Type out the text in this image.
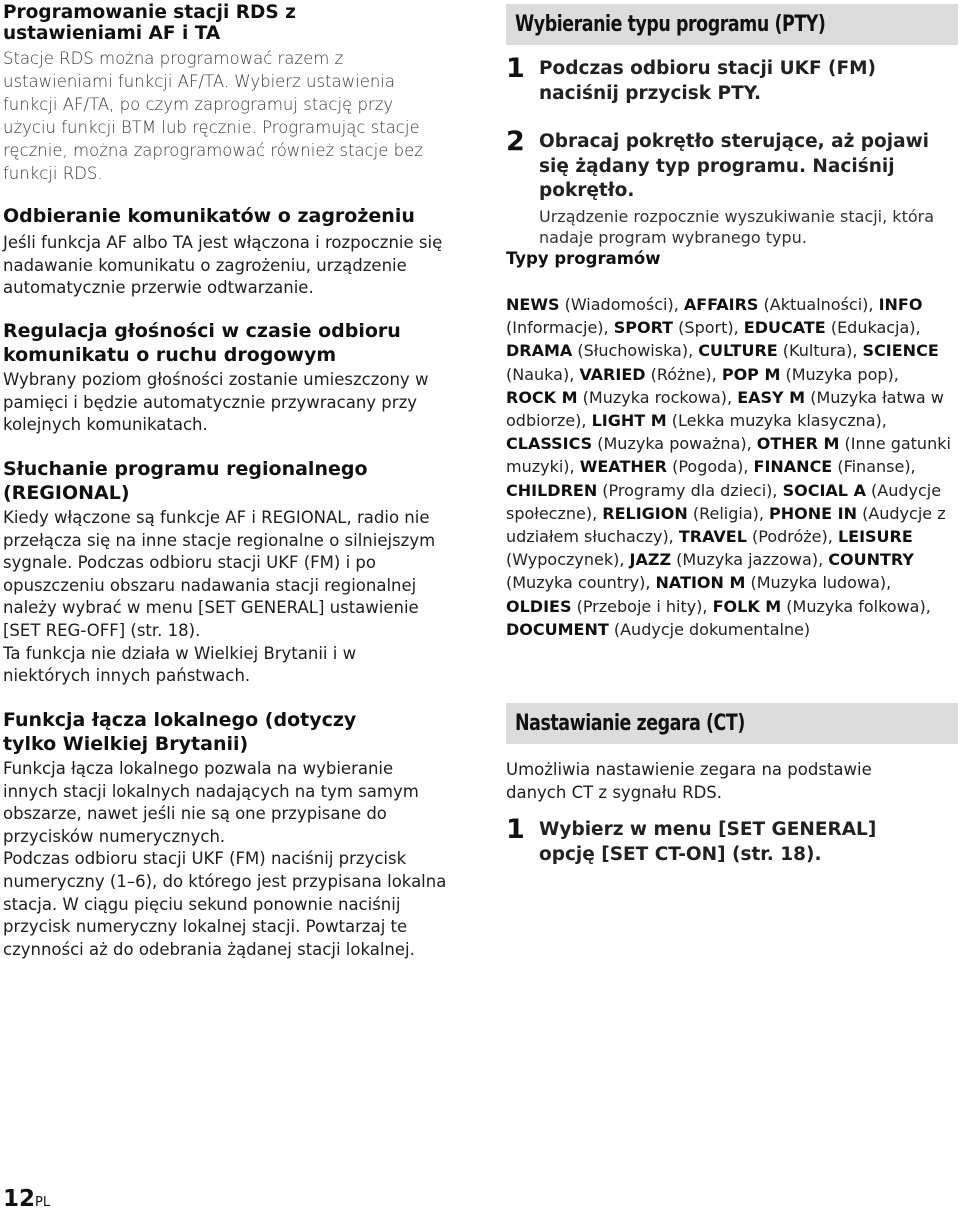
Programowanie stacji RDS z ustawieniami AF i TA

Stacje RDS można programować razem z ustawieniami funkcji AF/TA. Wybierz ustawienia funkcji AF/TA, po czym zaprogramuj stację przy użyciu funkcji BTM lub ręcznie. Programując stacje ręcznie, można zaprogramować również stacje bez funkcji RDS.

Odbieranie komunikatów o zagrożeniu

Jeśli funkcja AF albo TA jest włączona i rozpocznie się nadawanie komunikatu o zagrożeniu, urządzenie automatycznie przerwie odtwarzanie.

Regulacja głośności w czasie odbioru komunikatu o ruchu drogowym

Wybrany poziom głośności zostanie umieszczony w pamięci i będzie automatycznie przywracany przy kolejnych komunikatach.

Słuchanie programu regionalnego (REGIONAL)

Kiedy włączone są funkcje AF i REGIONAL, radio nie przełącza się na inne stacje regionalne o silniejszym sygnale. Podczas odbioru stacji UKF (FM) i po opuszczeniu obszaru nadawania stacji regionalnej należy wybrać w menu [SET GENERAL] ustawienie [SET REG-OFF] (str. 18).

Ta funkcja nie działa w Wielkiej Brytanii i w niektórych innych państwach.

Funkcja łącza lokalnego (dotyczy tylko Wielkiej Brytanii)

Funkcja łącza lokalnego pozwala na wybieranie innych stacji lokalnych nadających na tym samym obszarze, nawet jeśli nie są one przypisane do przycisków numerycznych.

Podczas odbioru stacji UKF (FM) naciśnij przycisk numeryczny (1–6), do którego jest przypisana lokalna stacja. W ciągu pięciu sekund ponownie naciśnij przycisk numeryczny lokalnej stacji. Powtarzaj te czynności aż do odebrania żądanej stacji lokalnej.

Wybieranie typu programu (PTY)
1 Podczas odbioru stacji UKF (FM) naciśnij przycisk PTY.
2 Obracaj pokrętło sterujące, aż pojawi się żądany typ programu. Naciśnij pokrętło.
Urządzenie rozpocznie wyszukiwanie stacji, która nadaje program wybranego typu.
Typy programów

NEWS (Wiadomości), AFFAIRS (Aktualności), INFO (Informacje), SPORT (Sport), EDUCATE (Edukacja), DRAMA (Słuchowiska), CULTURE (Kultura), SCIENCE (Nauka), VARIED (Różne), POP M (Muzyka pop), ROCK M (Muzyka rockowa), EASY M (Muzyka łatwa w odbiorze), LIGHT M (Lekka muzyka klasyczna), CLASSICS (Muzyka poważna), OTHER M (Inne gatunki muzyki), WEATHER (Pogoda), FINANCE (Finanse), CHILDREN (Programy dla dzieci), SOCIAL A (Audycje społeczne), RELIGION (Religia), PHONE IN (Audycje z udziałem słuchaczy), TRAVEL (Podróże), LEISURE (Wypoczynek), JAZZ (Muzyka jazzowa), COUNTRY (Muzyka country), NATION M (Muzyka ludowa), OLDIES (Przeboje i hity), FOLK M (Muzyka folkowa), DOCUMENT (Audycje dokumentalne)

Nastawianie zegara (CT)

Umożliwia nastawienie zegara na podstawie danych CT z sygnału RDS.

1 Wybierz w menu [SET GENERAL] opcję [SET CT-ON] (str. 18).
12PL
